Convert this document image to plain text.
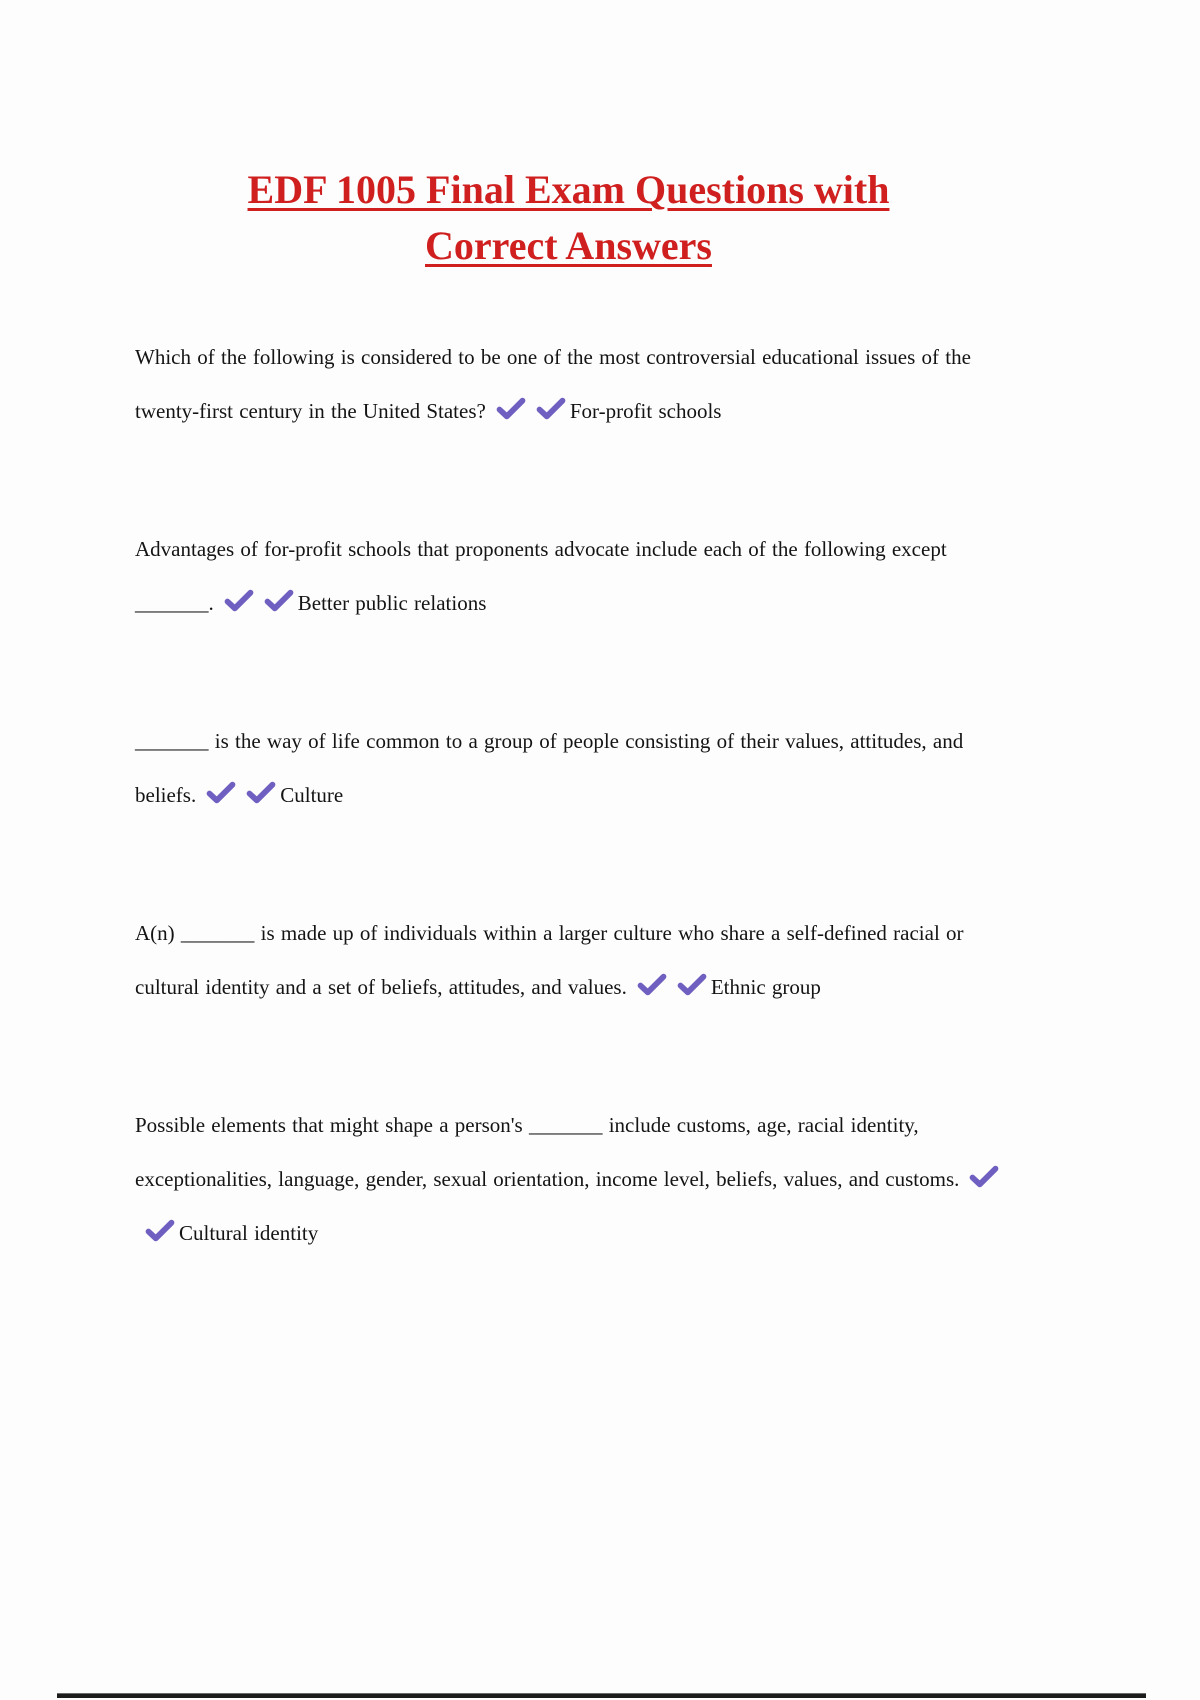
EDF 1005 Final Exam Questions with
Correct Answers

Which of the following is considered to be one of the most controversial educational issues of the twenty-first century in the United States?	For-profit schools

Advantages of for-profit schools that proponents advocate include each of the following except _______.	Better public relations

_______ is the way of life common to a group of people consisting of their values, attitudes, and beliefs.	Culture

A(n) _______ is made up of individuals within a larger culture who share a self-defined racial or cultural identity and a set of beliefs, attitudes, and values.	Ethnic group

Possible elements that might shape a person's _______ include customs, age, racial identity, exceptionalities, language, gender, sexual orientation, income level, beliefs, values, and customs.
Cultural identity
